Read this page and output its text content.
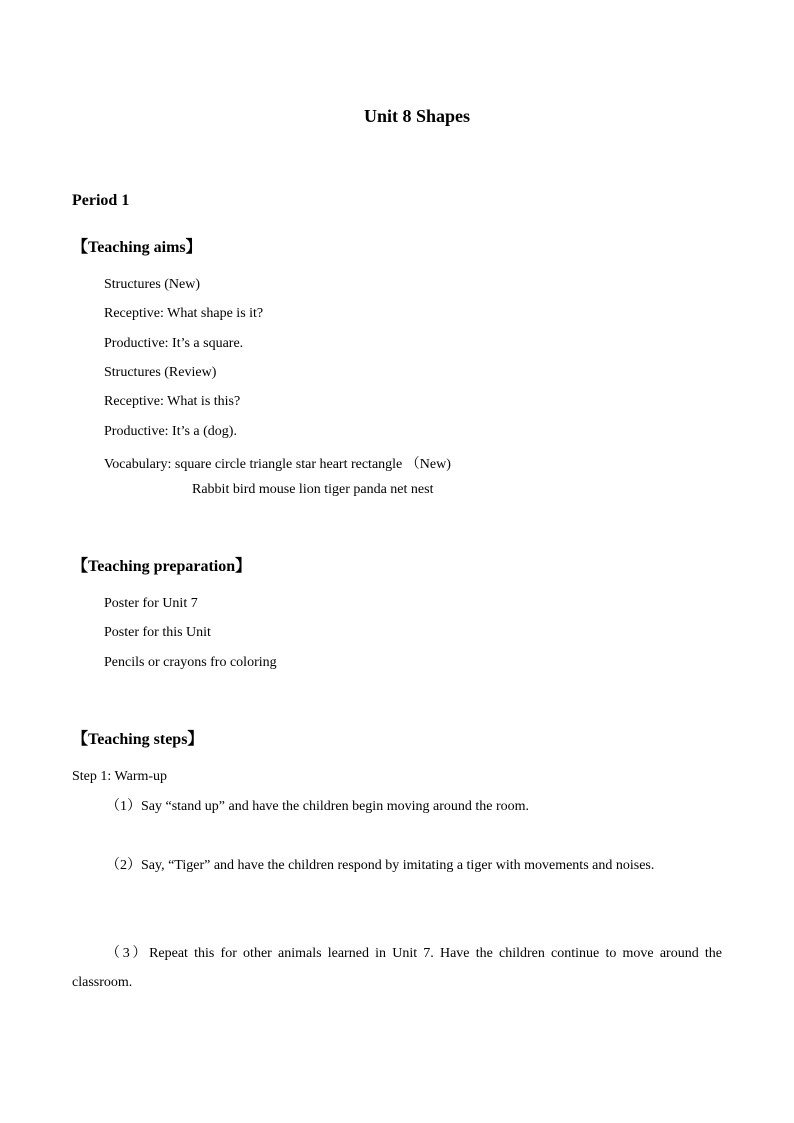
Unit 8 Shapes
Period 1
【Teaching aims】
Structures (New)
Receptive: What shape is it?
Productive: It’s a square.
Structures (Review)
Receptive: What is this?
Productive: It’s a (dog).
Vocabulary: square circle triangle star heart rectangle （New)
Rabbit bird mouse lion tiger panda net nest
【Teaching preparation】
Poster for Unit 7
Poster for this Unit
Pencils or crayons fro coloring
【Teaching steps】
Step 1: Warm-up
（1）Say “stand up” and have the children begin moving around the room.
（2）Say, “Tiger” and have the children respond by imitating a tiger with movements and noises.
（3）Repeat this for other animals learned in Unit 7. Have the children continue to move around the classroom.
